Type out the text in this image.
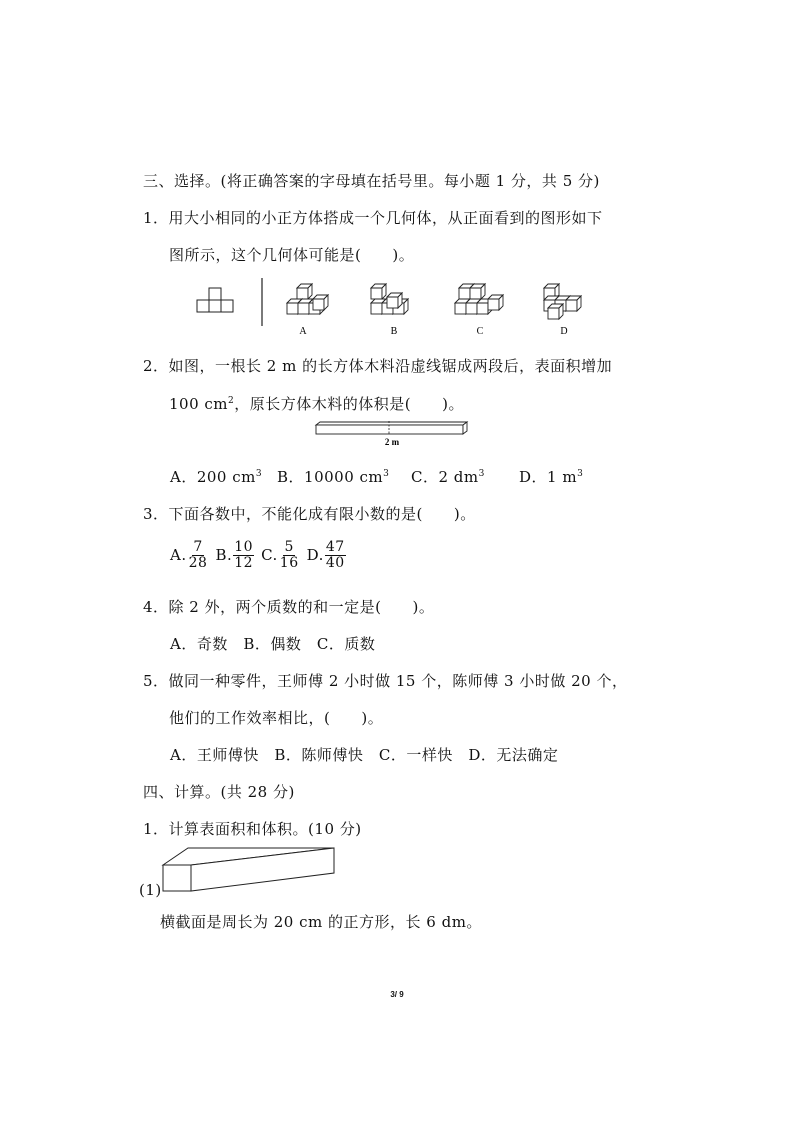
三、选择。(将正确答案的字母填在括号里。每小题 1 分，共 5 分)
1．用大小相同的小正方体搭成一个几何体，从正面看到的图形如下
图所示，这个几何体可能是(　　)。
A	B	C	D
2．如图，一根长 2 m 的长方体木料沿虚线锯成两段后，表面积增加
100 $cm^2$，原长方体木料的体积是(　　)。
2 m
A．200 $cm^3$ B．10000 $cm^3$ C．2 $dm^3$ D．1 $m^3$
3．下面各数中，不能化成有限小数的是(　　)。
A. $\frac{7}{28} B$. $\frac{10}{12} C$. $\frac{5}{16} D$. $\frac{47}{40}$
4．除 2 外，两个质数的和一定是(　　)。
A．奇数　B．偶数　C．质数
5．做同一种零件，王师傅 2 小时做 15 个，陈师傅 3 小时做 20 个，
他们的工作效率相比，(　　)。
A．王师傅快　B．陈师傅快　C．一样快　D．无法确定
四、计算。(共 28 分)
1．计算表面积和体积。(10 分)
(1)
横截面是周长为 20 cm 的正方形，长 6 dm。
3/ 9
